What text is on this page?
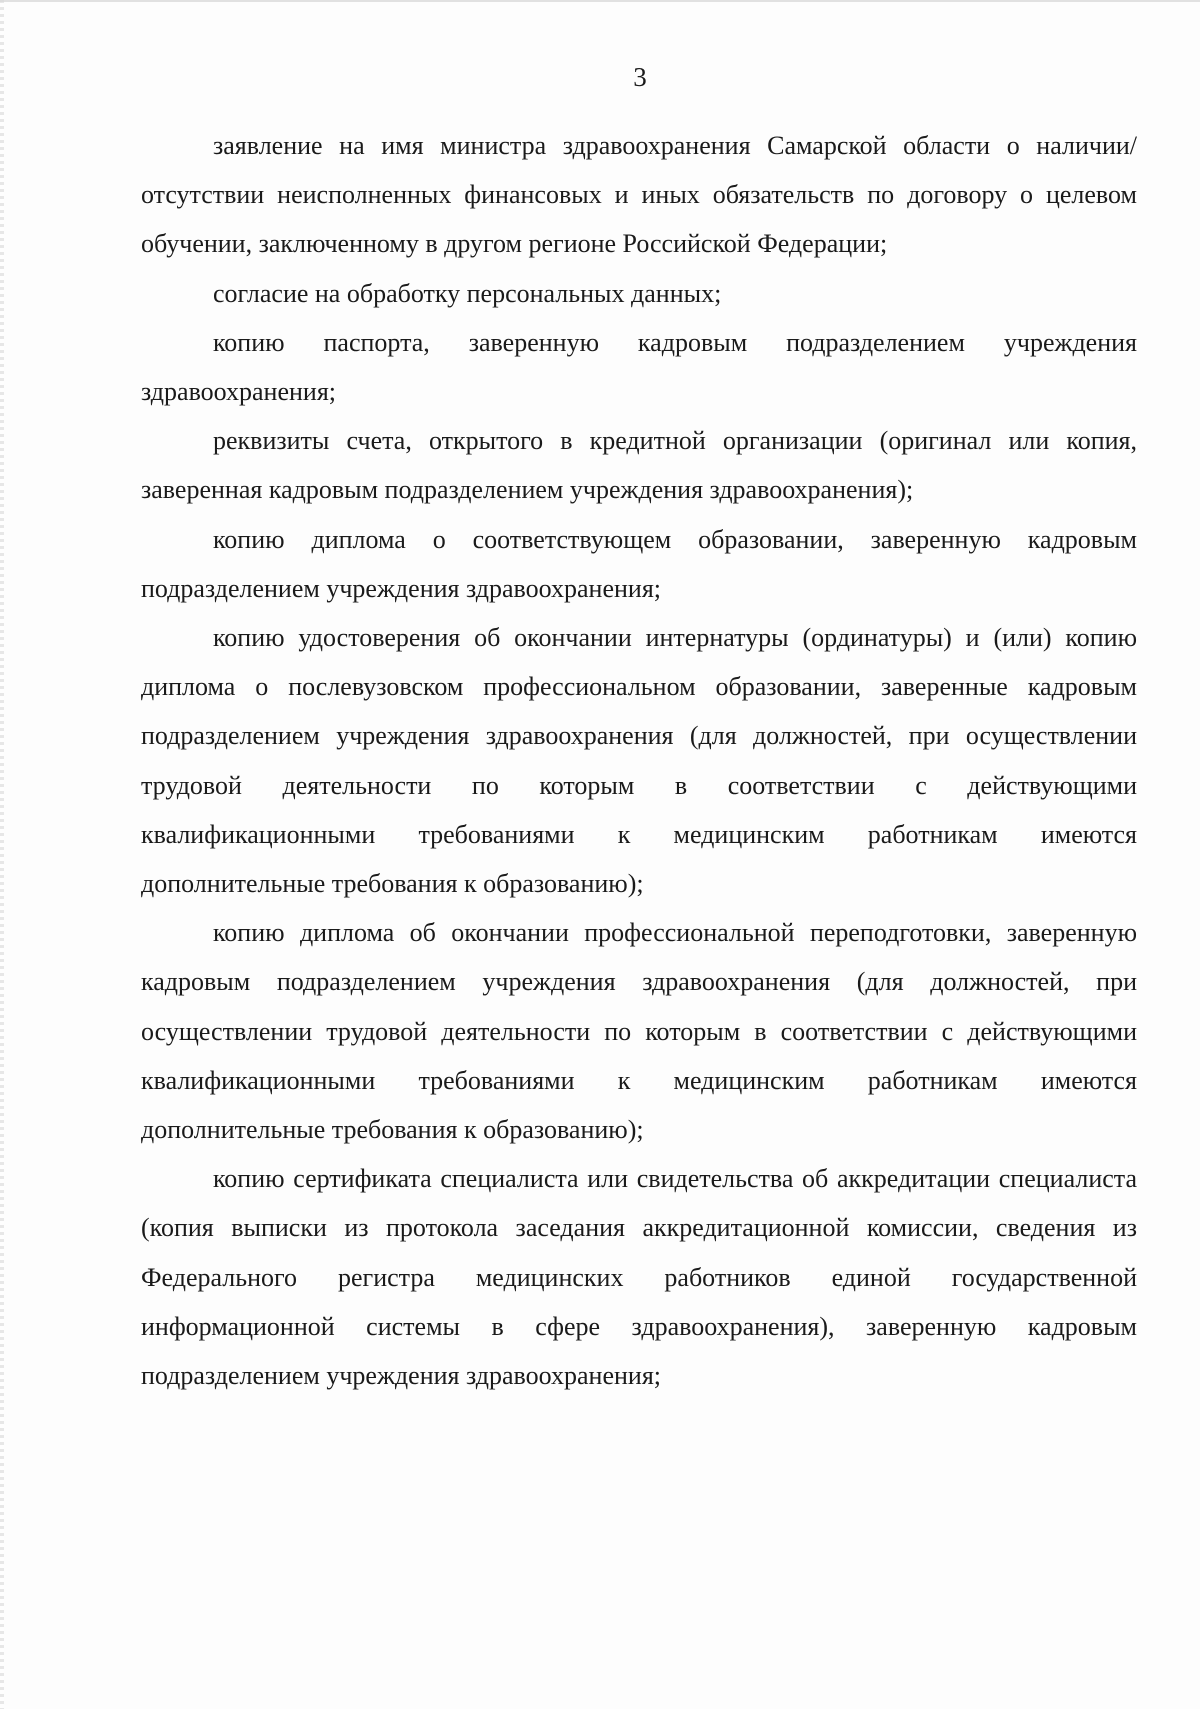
3

заявление на имя министра здравоохранения Самарской области о наличии/отсутствии неисполненных финансовых и иных обязательств по договору о целевом обучении, заключенному в другом регионе Российской Федерации;

согласие на обработку персональных данных;

копию паспорта, заверенную кадровым подразделением учреждения здравоохранения;

реквизиты счета, открытого в кредитной организации (оригинал или копия, заверенная кадровым подразделением учреждения здравоохранения);

копию диплома о соответствующем образовании, заверенную кадровым подразделением учреждения здравоохранения;

копию удостоверения об окончании интернатуры (ординатуры) и (или) копию диплома о послевузовском профессиональном образовании, заверенные кадровым подразделением учреждения здравоохранения (для должностей, при осуществлении трудовой деятельности по которым в соответствии с действующими квалификационными требованиями к медицинским работникам имеются дополнительные требования к образованию);

копию диплома об окончании профессиональной переподготовки, заверенную кадровым подразделением учреждения здравоохранения (для должностей, при осуществлении трудовой деятельности по которым в соответствии с действующими квалификационными требованиями к медицинским работникам имеются дополнительные требования к образованию);

копию сертификата специалиста или свидетельства об аккредитации специалиста (копия выписки из протокола заседания аккредитационной комиссии, сведения из Федерального регистра медицинских работников единой государственной информационной системы в сфере здравоохранения), заверенную кадровым подразделением учреждения здравоохранения;
